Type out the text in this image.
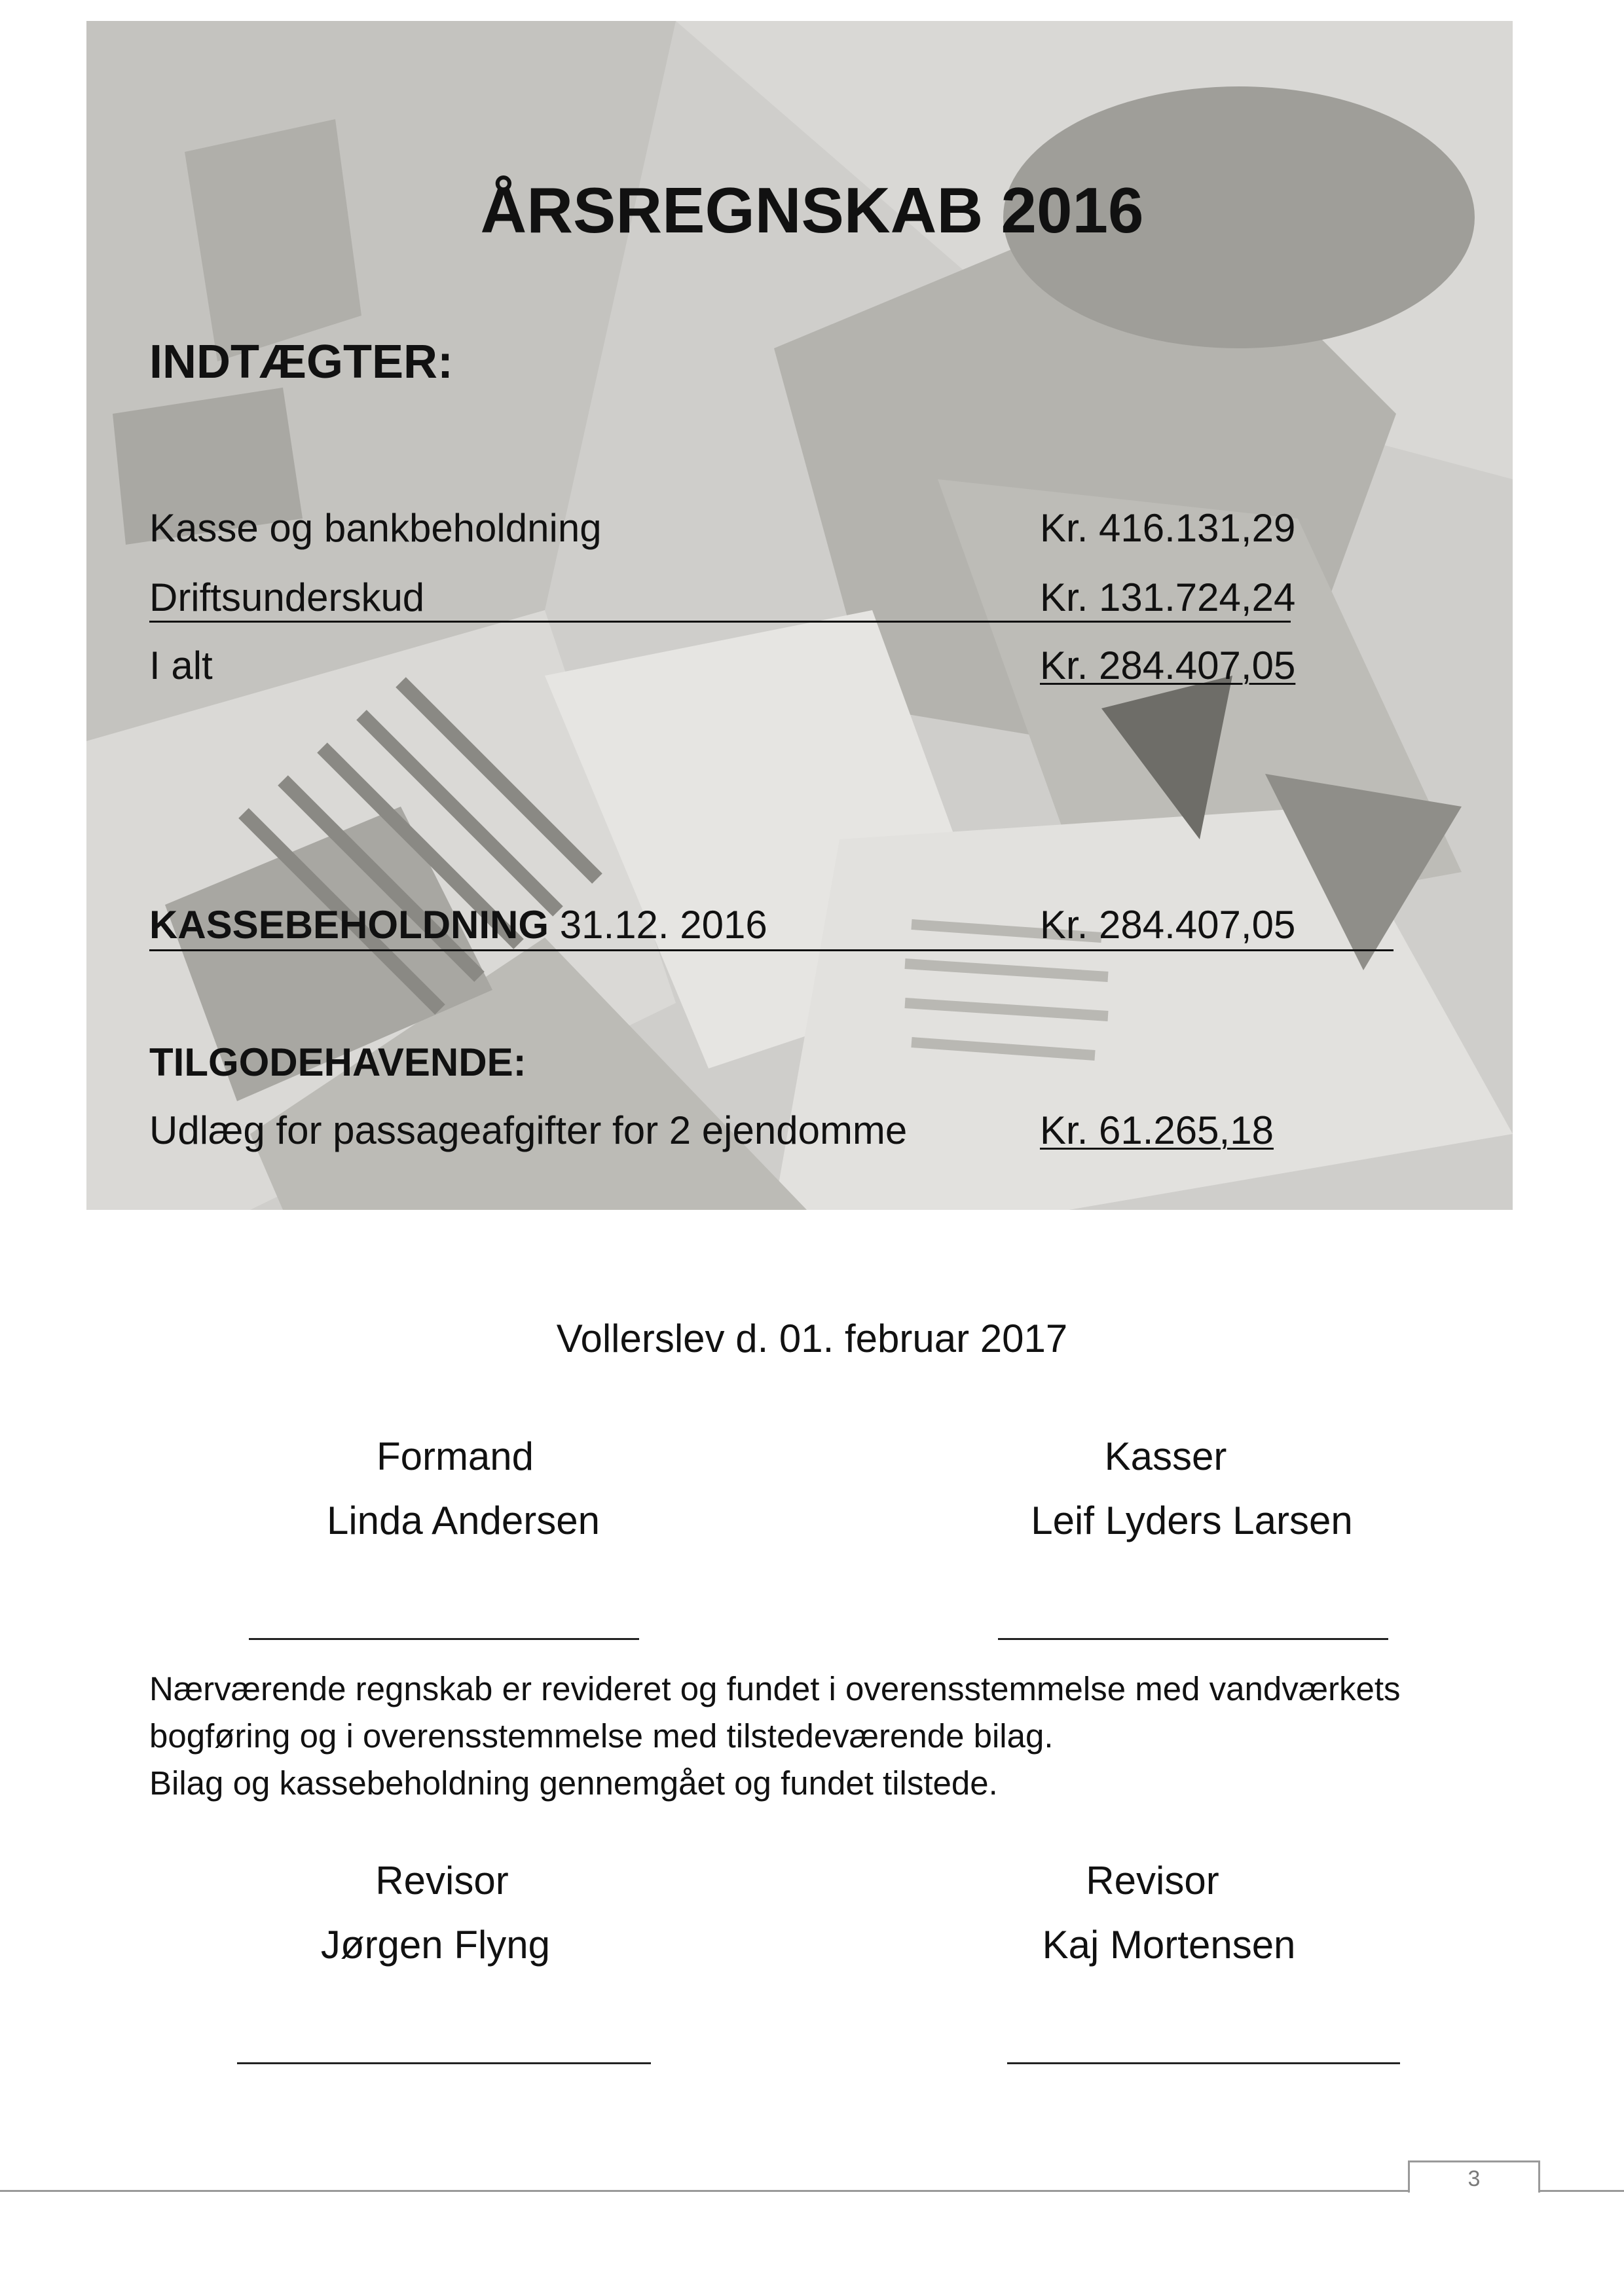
ÅRSREGNSKAB 2016
INDTÆGTER:
Kasse og bankbeholdning	Kr. 416.131,29
Driftsunderskud	Kr. 131.724,24
I alt	Kr. 284.407,05
KASSEBEHOLDNING 31.12. 2016	Kr. 284.407,05
TILGODEHAVENDE:
Udlæg for passageafgifter for 2 ejendomme	Kr. 61.265,18
Vollerslev d. 01. februar 2017
Formand
Linda Andersen
Kasser
Leif Lyders Larsen
Nærværende regnskab er revideret og fundet i overensstemmelse med vandværkets
bogføring og i overensstemmelse med tilstedeværende bilag.
Bilag og kassebeholdning gennemgået og fundet tilstede.
Revisor
Jørgen Flyng
Revisor
Kaj Mortensen
3
